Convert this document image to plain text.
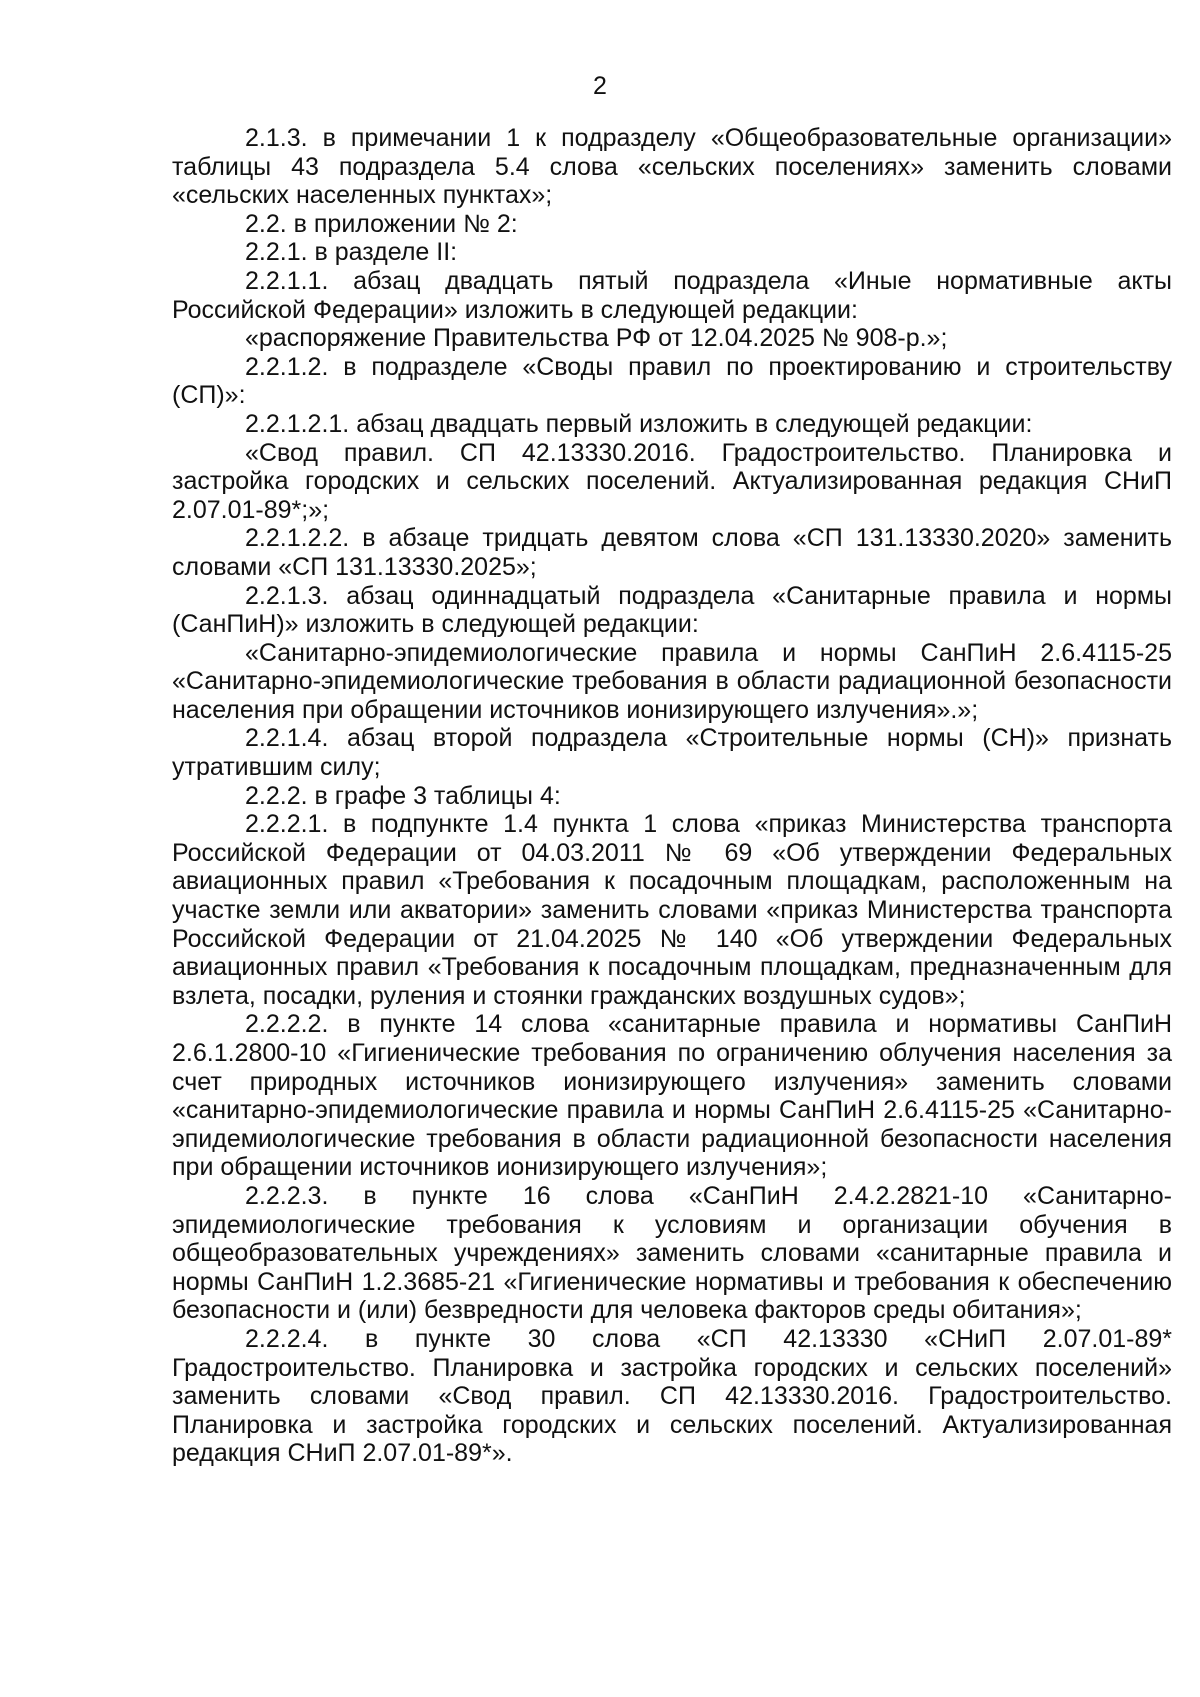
2

2.1.3. в примечании 1 к подразделу «Общеобразовательные организации» таблицы 43 подраздела 5.4 слова «сельских поселениях» заменить словами «сельских населенных пунктах»;

2.2. в приложении № 2:

2.2.1. в разделе II:

2.2.1.1. абзац двадцать пятый подраздела «Иные нормативные акты Российской Федерации» изложить в следующей редакции:

«распоряжение Правительства РФ от 12.04.2025 № 908-р.»;

2.2.1.2. в подразделе «Своды правил по проектированию и строительству (СП)»:

2.2.1.2.1. абзац двадцать первый изложить в следующей редакции:

«Свод правил. СП 42.13330.2016. Градостроительство. Планировка и застройка городских и сельских поселений. Актуализированная редакция СНиП 2.07.01-89*;»;

2.2.1.2.2. в абзаце тридцать девятом слова «СП 131.13330.2020» заменить словами «СП 131.13330.2025»;

2.2.1.3. абзац одиннадцатый подраздела «Санитарные правила и нормы (СанПиН)» изложить в следующей редакции:

«Санитарно-эпидемиологические правила и нормы СанПиН 2.6.4115-25 «Санитарно-эпидемиологические требования в области радиационной безопасности населения при обращении источников ионизирующего излучения».»;

2.2.1.4. абзац второй подраздела «Строительные нормы (СН)» признать утратившим силу;

2.2.2. в графе 3 таблицы 4:

2.2.2.1. в подпункте 1.4 пункта 1 слова «приказ Министерства транспорта Российской Федерации от 04.03.2011 № 69 «Об утверждении Федеральных авиационных правил «Требования к посадочным площадкам, расположенным на участке земли или акватории» заменить словами «приказ Министерства транспорта Российской Федерации от 21.04.2025 № 140 «Об утверждении Федеральных авиационных правил «Требования к посадочным площадкам, предназначенным для взлета, посадки, руления и стоянки гражданских воздушных судов»;

2.2.2.2. в пункте 14 слова «санитарные правила и нормативы СанПиН 2.6.1.2800-10 «Гигиенические требования по ограничению облучения населения за счет природных источников ионизирующего излучения» заменить словами «санитарно-эпидемиологические правила и нормы СанПиН 2.6.4115-25 «Санитарно-эпидемиологические требования в области радиационной безопасности населения при обращении источников ионизирующего излучения»;

2.2.2.3. в пункте 16 слова «СанПиН 2.4.2.2821-10 «Санитарно-эпидемиологические требования к условиям и организации обучения в общеобразовательных учреждениях» заменить словами «санитарные правила и нормы СанПиН 1.2.3685-21 «Гигиенические нормативы и требования к обеспечению безопасности и (или) безвредности для человека факторов среды обитания»;

2.2.2.4. в пункте 30 слова «СП 42.13330 «СНиП 2.07.01-89* Градостроительство. Планировка и застройка городских и сельских поселений» заменить словами «Свод правил. СП 42.13330.2016. Градостроительство. Планировка и застройка городских и сельских поселений. Актуализированная редакция СНиП 2.07.01-89*».
